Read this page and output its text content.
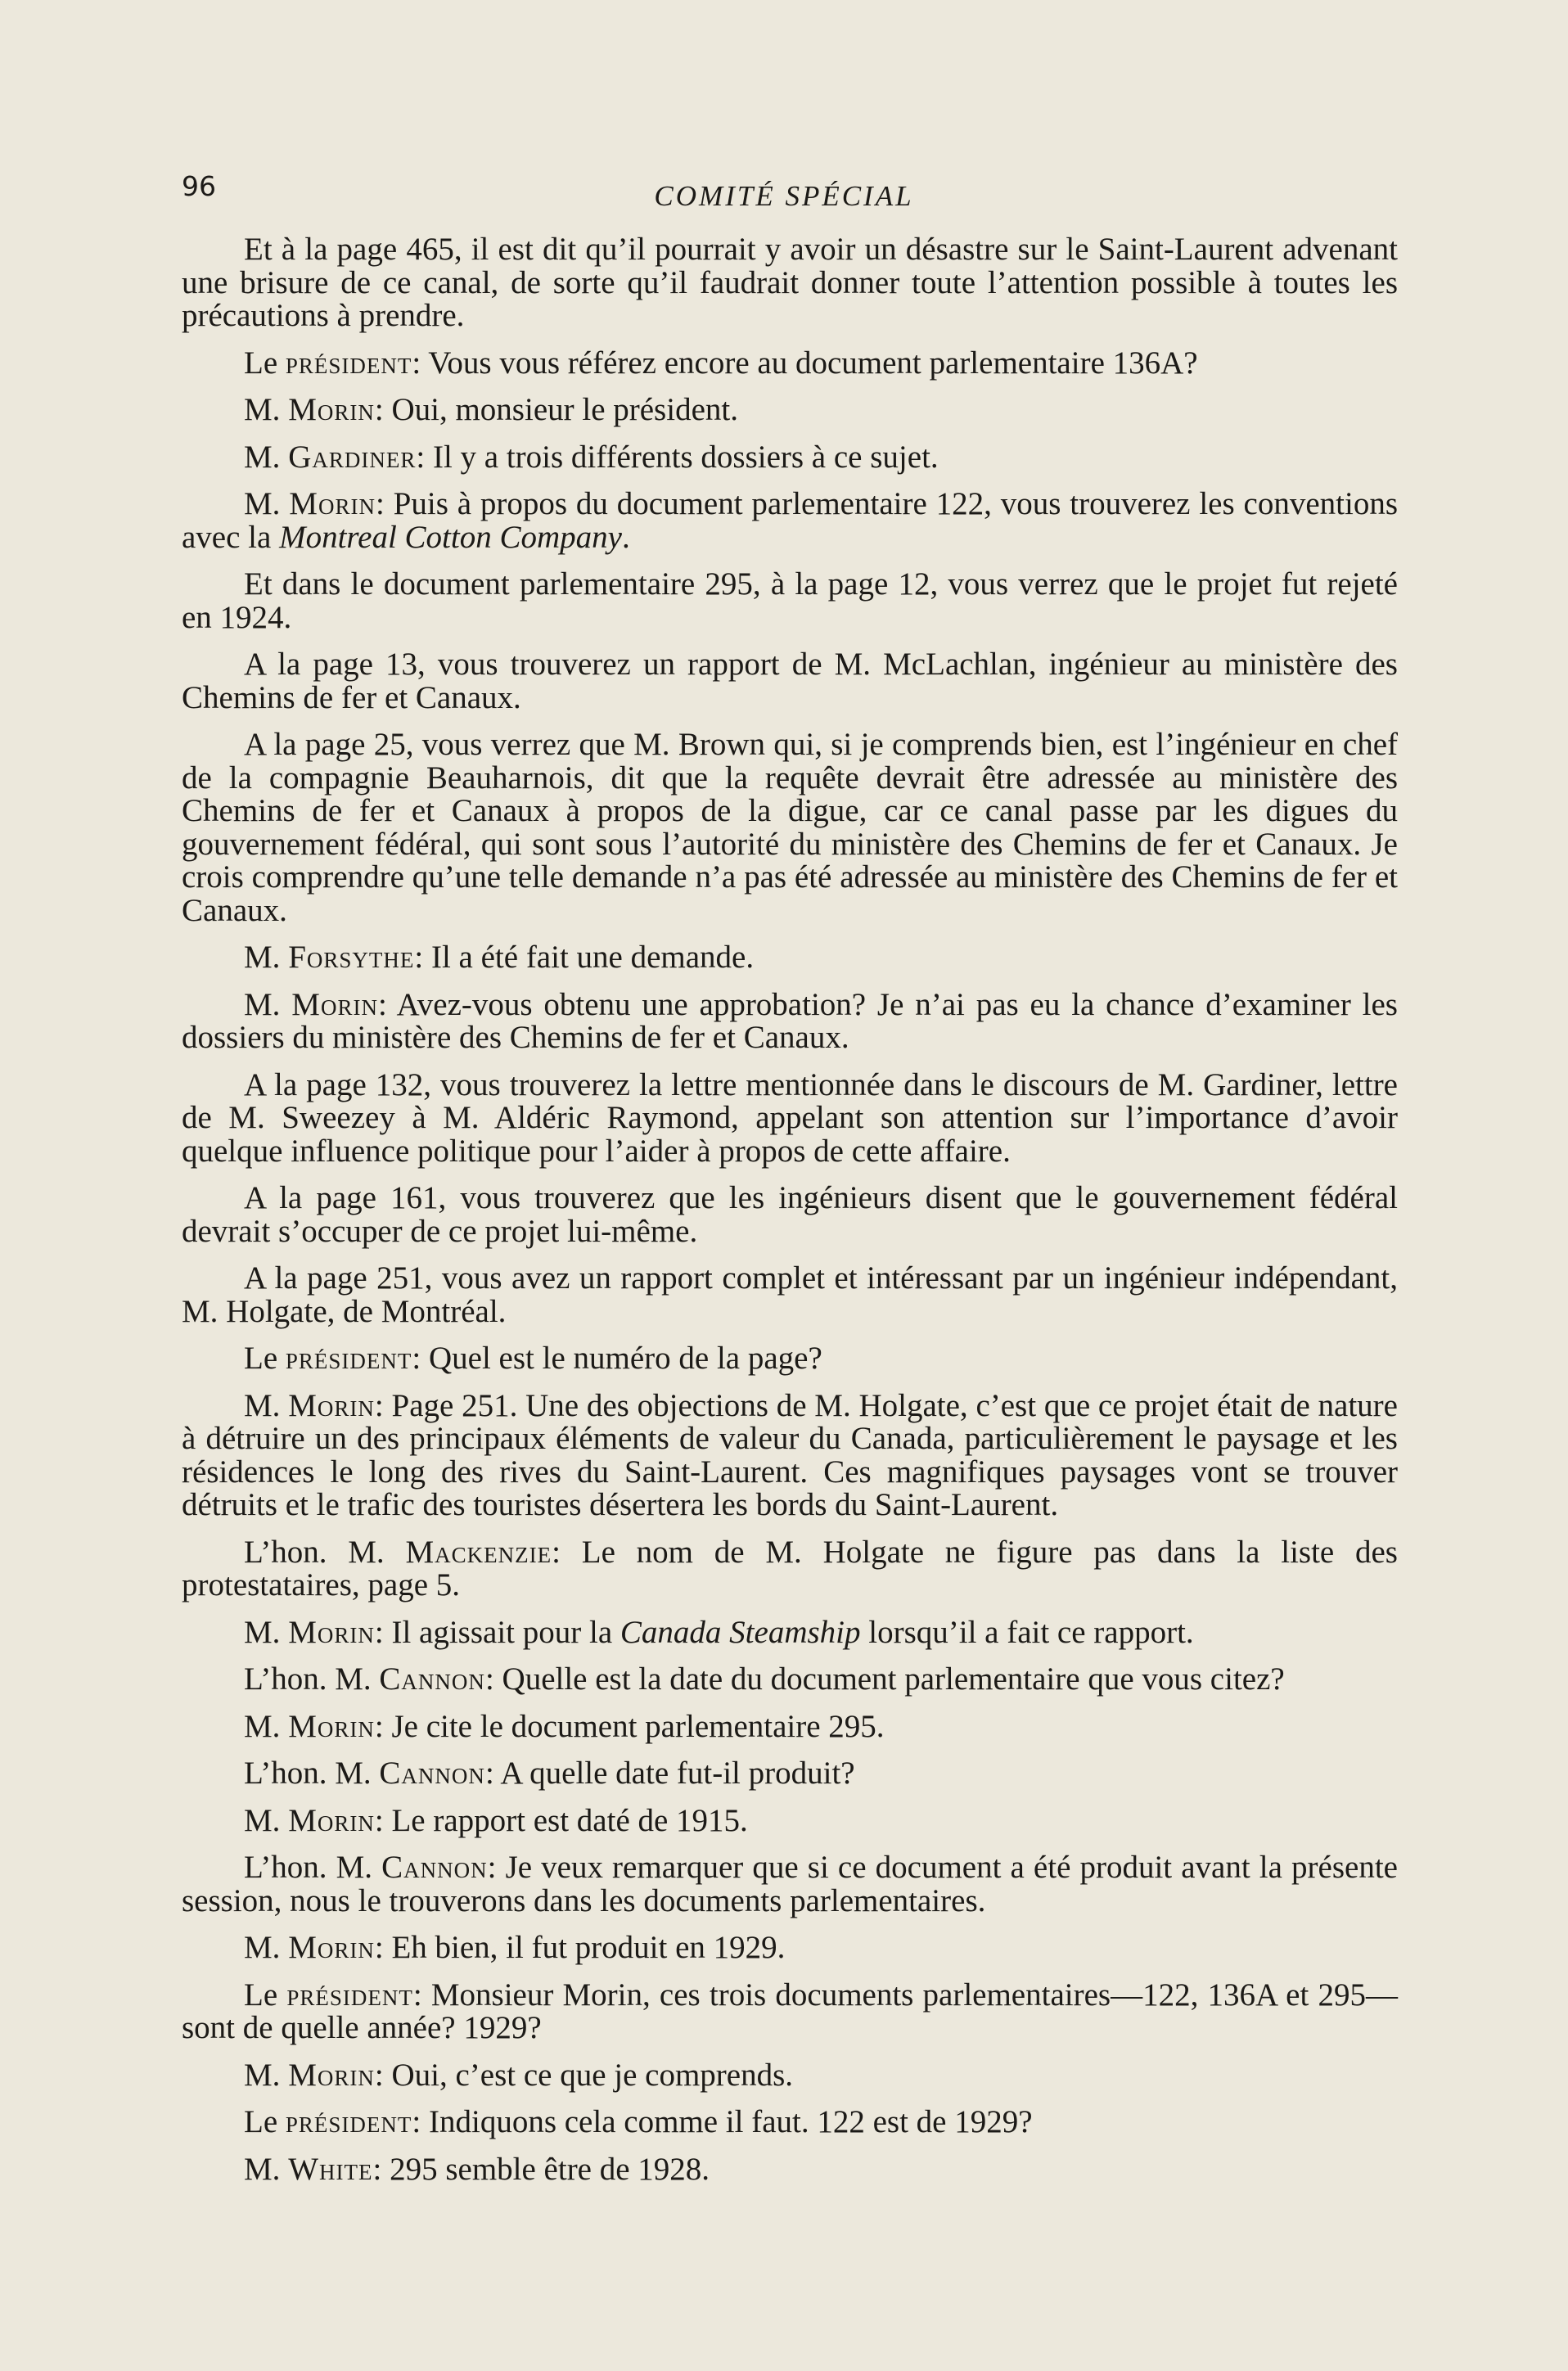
96	COMITÉ SPÉCIAL

Et à la page 465, il est dit qu’il pourrait y avoir un désastre sur le Saint-Laurent advenant une brisure de ce canal, de sorte qu’il faudrait donner toute l’attention possible à toutes les précautions à prendre.

Le président: Vous vous référez encore au document parlementaire 136A?

M. Morin: Oui, monsieur le président.

M. Gardiner: Il y a trois différents dossiers à ce sujet.

M. Morin: Puis à propos du document parlementaire 122, vous trouverez les conventions avec la Montreal Cotton Company.

Et dans le document parlementaire 295, à la page 12, vous verrez que le projet fut rejeté en 1924.

A la page 13, vous trouverez un rapport de M. McLachlan, ingénieur au ministère des Chemins de fer et Canaux.

A la page 25, vous verrez que M. Brown qui, si je comprends bien, est l’ingénieur en chef de la compagnie Beauharnois, dit que la requête devrait être adressée au ministère des Chemins de fer et Canaux à propos de la digue, car ce canal passe par les digues du gouvernement fédéral, qui sont sous l’autorité du ministère des Chemins de fer et Canaux. Je crois comprendre qu’une telle demande n’a pas été adressée au ministère des Chemins de fer et Canaux.

M. Forsythe: Il a été fait une demande.

M. Morin: Avez-vous obtenu une approbation? Je n’ai pas eu la chance d’examiner les dossiers du ministère des Chemins de fer et Canaux.

A la page 132, vous trouverez la lettre mentionnée dans le discours de M. Gardiner, lettre de M. Sweezey à M. Aldéric Raymond, appelant son attention sur l’importance d’avoir quelque influence politique pour l’aider à propos de cette affaire.

A la page 161, vous trouverez que les ingénieurs disent que le gouvernement fédéral devrait s’occuper de ce projet lui-même.

A la page 251, vous avez un rapport complet et intéressant par un ingénieur indépendant, M. Holgate, de Montréal.

Le président: Quel est le numéro de la page?

M. Morin: Page 251. Une des objections de M. Holgate, c’est que ce projet était de nature à détruire un des principaux éléments de valeur du Canada, particulièrement le paysage et les résidences le long des rives du Saint-Laurent. Ces magnifiques paysages vont se trouver détruits et le trafic des touristes désertera les bords du Saint-Laurent.

L’hon. M. Mackenzie: Le nom de M. Holgate ne figure pas dans la liste des protestataires, page 5.

M. Morin: Il agissait pour la Canada Steamship lorsqu’il a fait ce rapport.

L’hon. M. Cannon: Quelle est la date du document parlementaire que vous citez?

M. Morin: Je cite le document parlementaire 295.

L’hon. M. Cannon: A quelle date fut-il produit?

M. Morin: Le rapport est daté de 1915.

L’hon. M. Cannon: Je veux remarquer que si ce document a été produit avant la présente session, nous le trouverons dans les documents parlementaires.

M. Morin: Eh bien, il fut produit en 1929.

Le président: Monsieur Morin, ces trois documents parlementaires—122, 136A et 295—sont de quelle année? 1929?

M. Morin: Oui, c’est ce que je comprends.

Le président: Indiquons cela comme il faut. 122 est de 1929?

M. White: 295 semble être de 1928.
